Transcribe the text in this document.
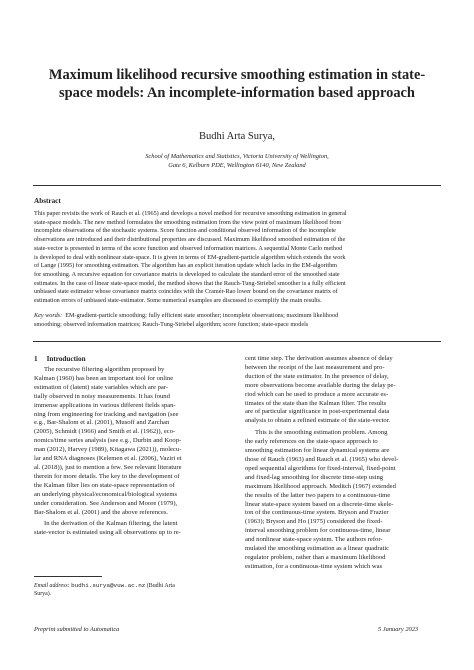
Maximum likelihood recursive smoothing estimation in state-
space models: An incomplete-information based approach
Budhi Arta Surya,
School of Mathematics and Statistics, Victoria University of Wellington,
Gate 6, Kelburn PDE, Wellington 6140, New Zealand
Abstract
This paper revisits the work of Rauch et al. (1965) and develops a novel method for recursive smoothing estimation in general
state-space models. The new method formulates the smoothing estimation from the view point of maximum likelihood from
incomplete observations of the stochastic systems. Score function and conditional observed information of the incomplete
observations are introduced and their distributional properties are discussed. Maximum likelihood smoothed estimation of the
state-vector is presented in terms of the score function and observed information matrices. A sequential Monte Carlo method
is developed to deal with nonlinear state-space. It is given in terms of EM-gradient-particle algorithm which extends the work
of Lange (1995) for smoothing estimation. The algorithm has an explicit iteration update which lacks in the EM-algorithm
for smoothing. A recursive equation for covariance matrix is developed to calculate the standard error of the smoothed state
estimates. In the case of linear state-space model, the method shows that the Rauch-Tung-Striebel smoother is a fully efficient
unbiased state estimator whose covariance matrix coincides with the Cramér-Rao lower bound on the covariance matrix of
estimation errors of unbiased state-estimator. Some numerical examples are discussed to exemplify the main results.
Key words: EM-gradient-particle smoothing; fully efficient state smoother; incomplete observations; maximum likelihood
smoothing; observed information matrices; Rauch-Tung-Striebel algorithm; score function; state-space models
1 Introduction
The recursive filtering algorithm proposed by
Kalman (1960) has been an important tool for online
estimation of (latent) state variables which are par-
tially observed in noisy measurements. It has found
immense applications in various different fields span-
ning from engineering for tracking and navigation (see
e.g., Bar-Shalom et al. (2001), Musoff and Zarchan
(2005), Schmidt (1966) and Smith et al. (1962)), eco-
nomics/time series analysis (see e.g., Durbin and Koop-
man (2012), Harvey (1989), Kitagawa (2021)), molecu-
lar and RNA diagnoses (Kelemen et al. (2006), Vaziri et
al. (2018)), just to mention a few. See relevant literature
therein for more details. The key to the development of
the Kalman filter lies on state-space representation of
an underlying physical/economical/biological systems
under consideration. See Anderson and Moore (1979),
Bar-Shalom et al. (2001) and the above references.
In the derivation of the Kalman filtering, the latent
state-vector is estimated using all observations up to re-
cent time step. The derivation assumes absence of delay
between the receipt of the last measurement and pro-
duction of the state estimator. In the presence of delay,
more observations become available during the delay pe-
riod which can be used to produce a more accurate es-
timates of the state than the Kalman filter. The results
are of particular significance in post-experimental data
analysis to obtain a refined estimate of the state-vector.
This is the smoothing estimation problem. Among
the early references on the state-space approach to
smoothing estimation for linear dynamical systems are
those of Rauch (1963) and Rauch et al. (1965) who devel-
oped sequential algorithms for fixed-interval, fixed-point
and fixed-lag smoothing for discrete time-step using
maximum likelihood approach. Meditch (1967) extended
the results of the latter two papers to a continuous-time
linear state-space system based on a discrete-time skele-
ton of the continuous-time system. Bryson and Frazier
(1963); Bryson and Ho (1975) considered the fixed-
interval smoothing problem for continuous-time, linear
and nonlinear state-space system. The authors refor-
mulated the smoothing estimation as a linear quadratic
regulator problem, rather than a maximum likelihood
estimation, for a continuous-time system which was
Email address: budhi.surya@vuw.ac.nz (Budhi Arta
Surya).
Preprint submitted to Automatica	5 January 2023
